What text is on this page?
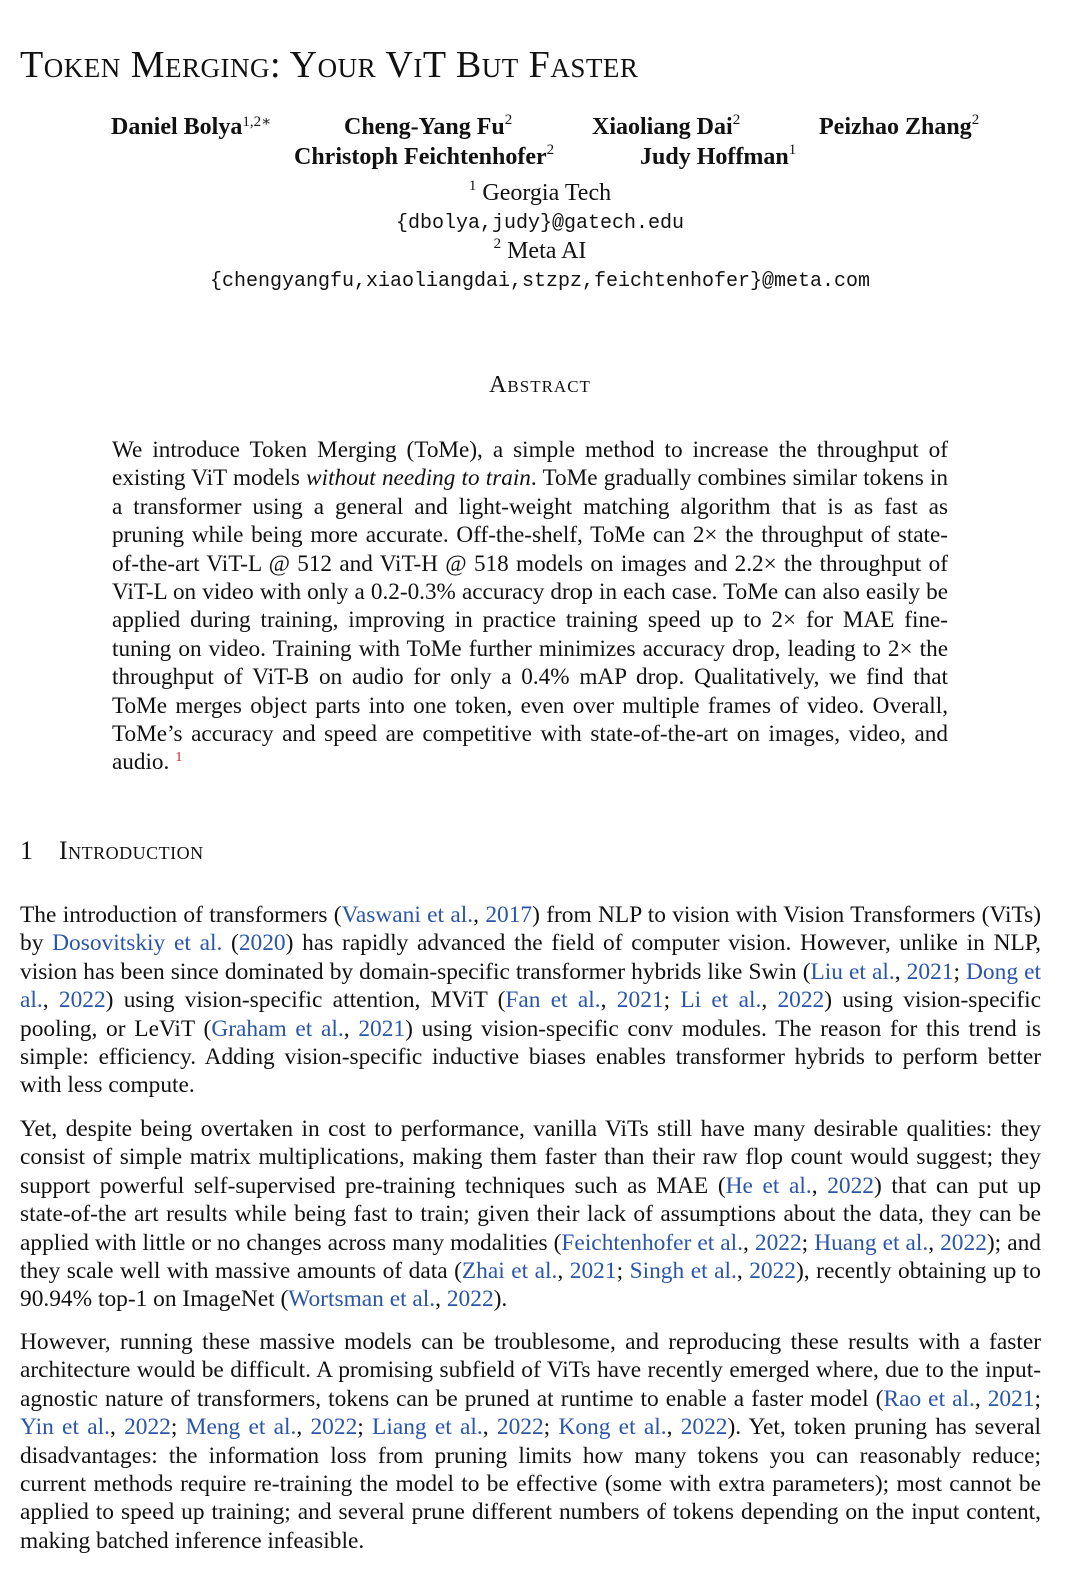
Token Merging: Your ViT But Faster
Daniel Bolya$^{1,2∗}$	Cheng-Yang Fu$^2$	Xiaoliang Dai$^2$	Peizhao Zhang$^2$
Christoph Feichtenhofer$^2$	Judy Hoffman$^1$
$^1$ Georgia Tech
{dbolya,judy}@gatech.edu
$^2$ Meta AI
{chengyangfu,xiaoliangdai,stzpz,feichtenhofer}@meta.com
Abstract

We introduce Token Merging (ToMe), a simple method to increase the throughput of existing ViT models without needing to train. ToMe gradually combines similar tokens in a transformer using a general and light-weight matching algorithm that is as fast as pruning while being more accurate. Off-the-shelf, ToMe can 2× the throughput of state-of-the-art ViT-L @ 512 and ViT-H @ 518 models on images and 2.2× the throughput of ViT-L on video with only a 0.2-0.3% accuracy drop in each case. ToMe can also easily be applied during training, improving in practice training speed up to 2× for MAE fine-tuning on video. Training with ToMe further minimizes accuracy drop, leading to 2× the throughput of ViT-B on audio for only a 0.4% mAP drop. Qualitatively, we find that ToMe merges object parts into one token, even over multiple frames of video. Overall, ToMe’s accuracy and speed are competitive with state-of-the-art on images, video, and audio. $^1$

1 Introduction

The introduction of transformers (Vaswani et al., 2017) from NLP to vision with Vision Transformers (ViTs) by Dosovitskiy et al. (2020) has rapidly advanced the field of computer vision. However, unlike in NLP, vision has been since dominated by domain-specific transformer hybrids like Swin (Liu et al., 2021; Dong et al., 2022) using vision-specific attention, MViT (Fan et al., 2021; Li et al., 2022) using vision-specific pooling, or LeViT (Graham et al., 2021) using vision-specific conv modules. The reason for this trend is simple: efficiency. Adding vision-specific inductive biases enables transformer hybrids to perform better with less compute.

Yet, despite being overtaken in cost to performance, vanilla ViTs still have many desirable qualities: they consist of simple matrix multiplications, making them faster than their raw flop count would suggest; they support powerful self-supervised pre-training techniques such as MAE (He et al., 2022) that can put up state-of-the art results while being fast to train; given their lack of assumptions about the data, they can be applied with little or no changes across many modalities (Feichtenhofer et al., 2022; Huang et al., 2022); and they scale well with massive amounts of data (Zhai et al., 2021; Singh et al., 2022), recently obtaining up to 90.94% top-1 on ImageNet (Wortsman et al., 2022).

However, running these massive models can be troublesome, and reproducing these results with a faster architecture would be difficult. A promising subfield of ViTs have recently emerged where, due to the input-agnostic nature of transformers, tokens can be pruned at runtime to enable a faster model (Rao et al., 2021; Yin et al., 2022; Meng et al., 2022; Liang et al., 2022; Kong et al., 2022). Yet, token pruning has several disadvantages: the information loss from pruning limits how many tokens you can reasonably reduce; current methods require re-training the model to be effective (some with extra parameters); most cannot be applied to speed up training; and several prune different numbers of tokens depending on the input content, making batched inference infeasible.
